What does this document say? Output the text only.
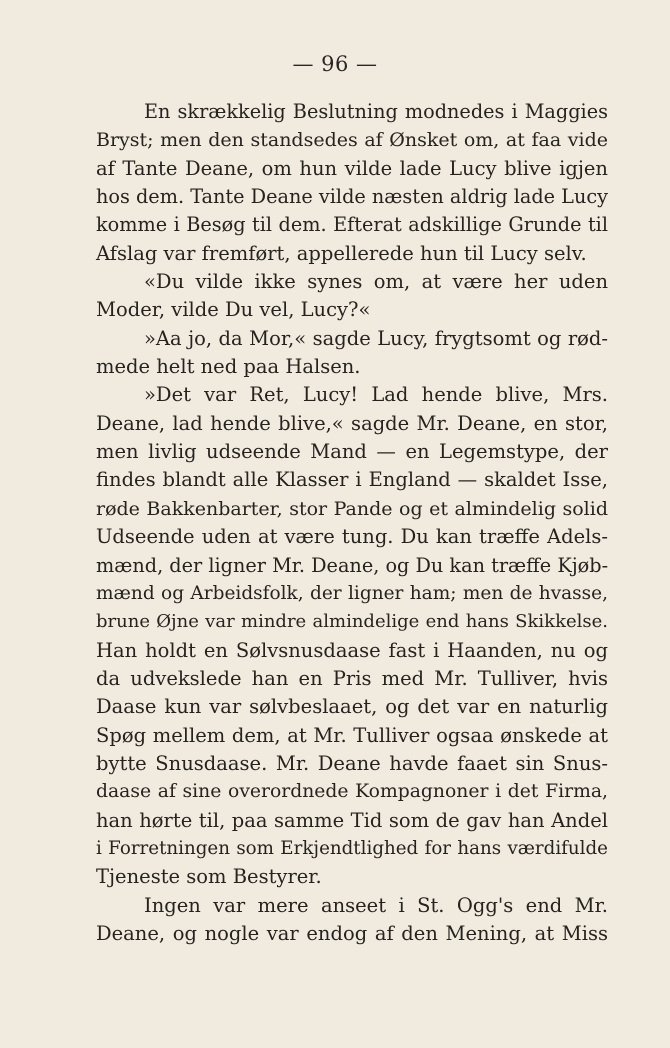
— 96 —
En skrækkelig Beslutning modnedes i Maggies
Bryst; men den standsedes af Ønsket om, at faa vide
af Tante Deane, om hun vilde lade Lucy blive igjen
hos dem. Tante Deane vilde næsten aldrig lade Lucy
komme i Besøg til dem. Efterat adskillige Grunde til
Afslag var fremført, appellerede hun til Lucy selv.
«Du vilde ikke synes om, at være her uden
Moder, vilde Du vel, Lucy?«
»Aa jo, da Mor,« sagde Lucy, frygtsomt og rød-
mede helt ned paa Halsen.
»Det var Ret, Lucy! Lad hende blive, Mrs.
Deane, lad hende blive,« sagde Mr. Deane, en stor,
men livlig udseende Mand — en Legemstype, der
findes blandt alle Klasser i England — skaldet Isse,
røde Bakkenbarter, stor Pande og et almindelig solid
Udseende uden at være tung. Du kan træffe Adels-
mænd, der ligner Mr. Deane, og Du kan træffe Kjøb-
mænd og Arbeidsfolk, der ligner ham; men de hvasse,
brune Øjne var mindre almindelige end hans Skikkelse.
Han holdt en Sølvsnusdaase fast i Haanden, nu og
da udvekslede han en Pris med Mr. Tulliver, hvis
Daase kun var sølvbeslaaet, og det var en naturlig
Spøg mellem dem, at Mr. Tulliver ogsaa ønskede at
bytte Snusdaase. Mr. Deane havde faaet sin Snus-
daase af sine overordnede Kompagnoner i det Firma,
han hørte til, paa samme Tid som de gav han Andel
i Forretningen som Erkjendtlighed for hans værdifulde
Tjeneste som Bestyrer.
Ingen var mere anseet i St. Ogg's end Mr.
Deane, og nogle var endog af den Mening, at Miss
